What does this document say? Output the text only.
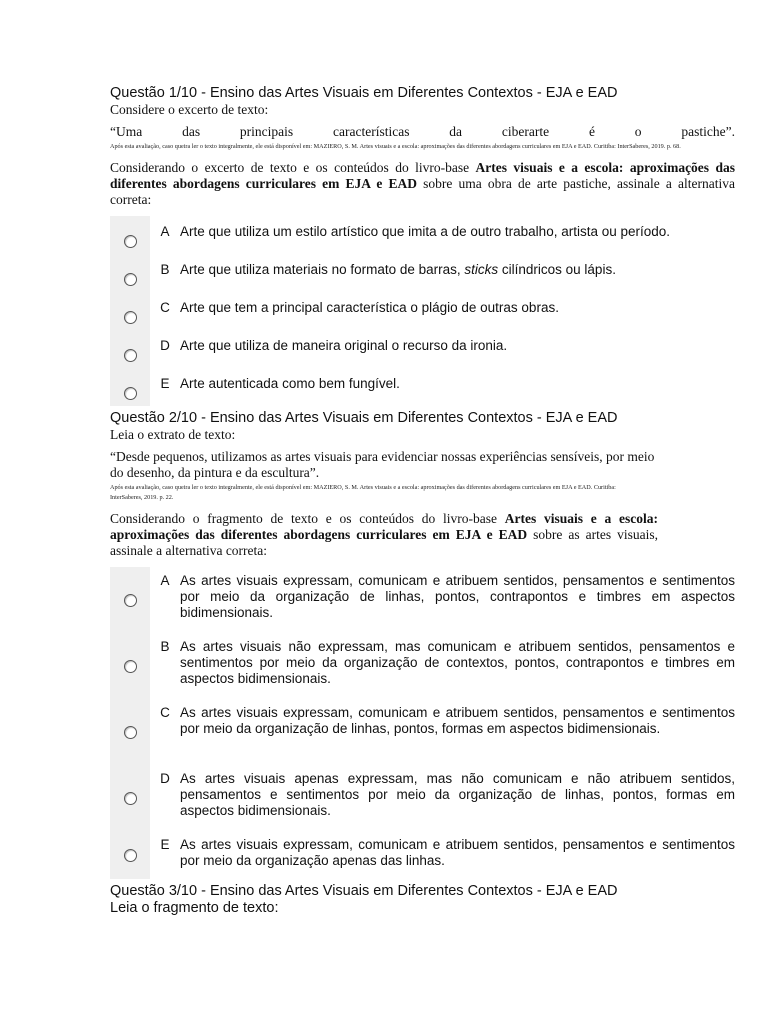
Questão 1/10 - Ensino das Artes Visuais em Diferentes Contextos - EJA e EAD
Considere o excerto de texto:
“Uma das principais características da ciberarte é o pastiche”.
Após esta avaliação, caso queira ler o texto integralmente, ele está disponível em: MAZIERO, S. M. Artes visuais e a escola: aproximações das diferentes abordagens curriculares em EJA e EAD. Curitiba: InterSaberes, 2019. p. 68.
Considerando o excerto de texto e os conteúdos do livro-base Artes visuais e a escola: aproximações das diferentes abordagens curriculares em EJA e EAD sobre uma obra de arte pastiche, assinale a alternativa correta:
A Arte que utiliza um estilo artístico que imita a de outro trabalho, artista ou período.
B Arte que utiliza materiais no formato de barras, sticks cilíndricos ou lápis.
C Arte que tem a principal característica o plágio de outras obras.
D Arte que utiliza de maneira original o recurso da ironia.
E Arte autenticada como bem fungível.
Questão 2/10 - Ensino das Artes Visuais em Diferentes Contextos - EJA e EAD
Leia o extrato de texto:
“Desde pequenos, utilizamos as artes visuais para evidenciar nossas experiências sensíveis, por meio do desenho, da pintura e da escultura”.
Após esta avaliação, caso queira ler o texto integralmente, ele está disponível em: MAZIERO, S. M. Artes visuais e a escola: aproximações das diferentes abordagens curriculares em EJA e EAD. Curitiba: InterSaberes, 2019. p. 22.
Considerando o fragmento de texto e os conteúdos do livro-base Artes visuais e a escola: aproximações das diferentes abordagens curriculares em EJA e EAD sobre as artes visuais, assinale a alternativa correta:
A As artes visuais expressam, comunicam e atribuem sentidos, pensamentos e sentimentos por meio da organização de linhas, pontos, contrapontos e timbres em aspectos bidimensionais.
B As artes visuais não expressam, mas comunicam e atribuem sentidos, pensamentos e sentimentos por meio da organização de contextos, pontos, contrapontos e timbres em aspectos bidimensionais.
C As artes visuais expressam, comunicam e atribuem sentidos, pensamentos e sentimentos por meio da organização de linhas, pontos, formas em aspectos bidimensionais.
D As artes visuais apenas expressam, mas não comunicam e não atribuem sentidos, pensamentos e sentimentos por meio da organização de linhas, pontos, formas em aspectos bidimensionais.
E As artes visuais expressam, comunicam e atribuem sentidos, pensamentos e sentimentos por meio da organização apenas das linhas.
Questão 3/10 - Ensino das Artes Visuais em Diferentes Contextos - EJA e EAD
Leia o fragmento de texto:
